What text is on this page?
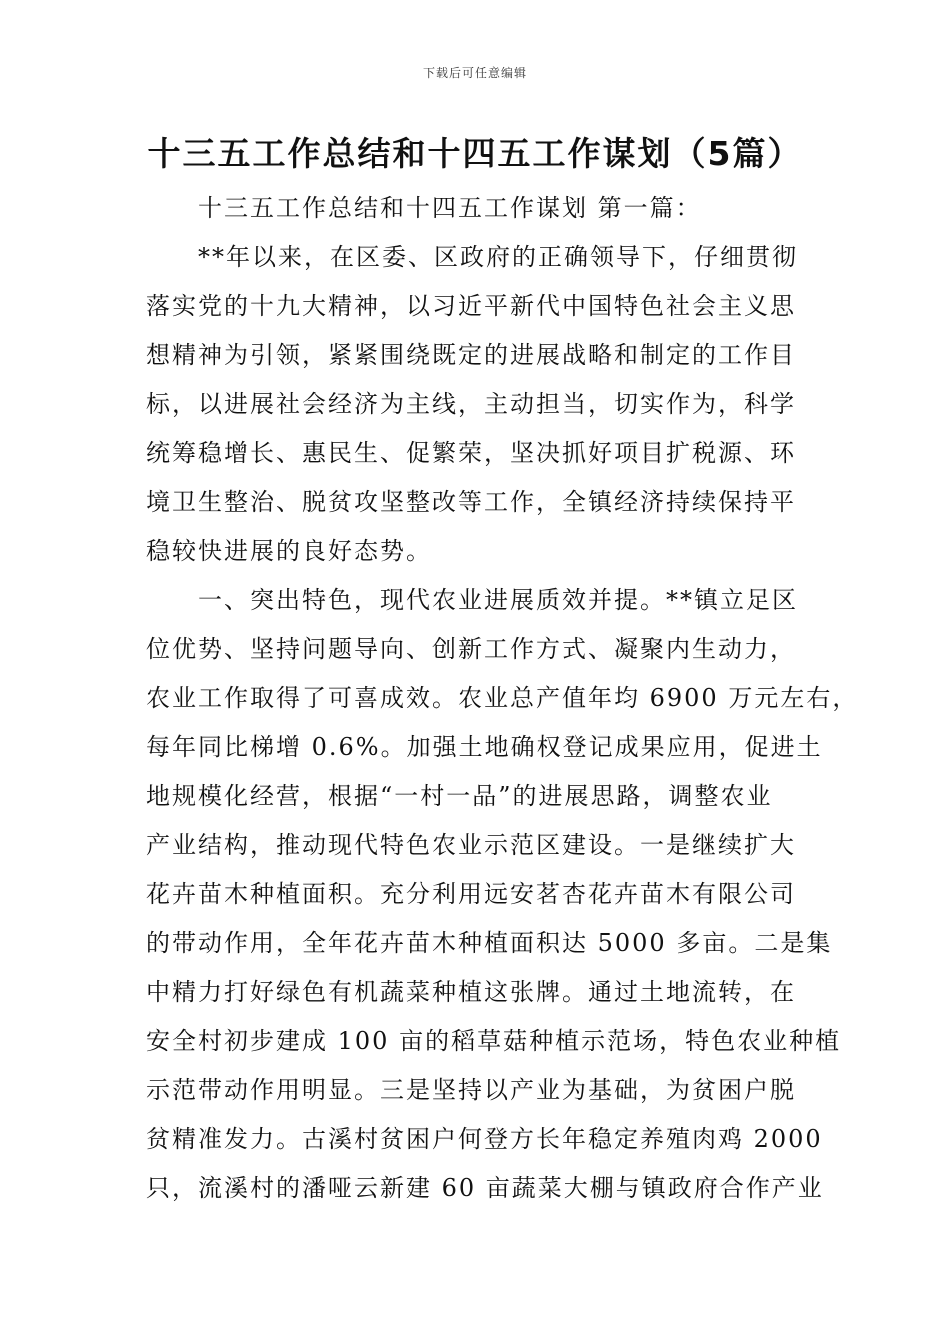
下载后可任意编辑
十三五工作总结和十四五工作谋划（5篇）
　　十三五工作总结和十四五工作谋划 第一篇：
　　**年以来，在区委、区政府的正确领导下，仔细贯彻
落实党的十九大精神，以习近平新代中国特色社会主义思
想精神为引领，紧紧围绕既定的进展战略和制定的工作目
标，以进展社会经济为主线，主动担当，切实作为，科学
统筹稳增长、惠民生、促繁荣，坚决抓好项目扩税源、环
境卫生整治、脱贫攻坚整改等工作，全镇经济持续保持平
稳较快进展的良好态势。
　　一、突出特色，现代农业进展质效并提。**镇立足区
位优势、坚持问题导向、创新工作方式、凝聚内生动力，
农业工作取得了可喜成效。农业总产值年均 6900 万元左右，
每年同比梯增 0.6%。加强土地确权登记成果应用，促进土
地规模化经营，根据“一村一品”的进展思路，调整农业
产业结构，推动现代特色农业示范区建设。一是继续扩大
花卉苗木种植面积。充分利用远安茗杏花卉苗木有限公司
的带动作用，全年花卉苗木种植面积达 5000 多亩。二是集
中精力打好绿色有机蔬菜种植这张牌。通过土地流转，在
安全村初步建成 100 亩的稻草菇种植示范场，特色农业种植
示范带动作用明显。三是坚持以产业为基础，为贫困户脱
贫精准发力。古溪村贫困户何登方长年稳定养殖肉鸡 2000
只，流溪村的潘哑云新建 60 亩蔬菜大棚与镇政府合作产业
